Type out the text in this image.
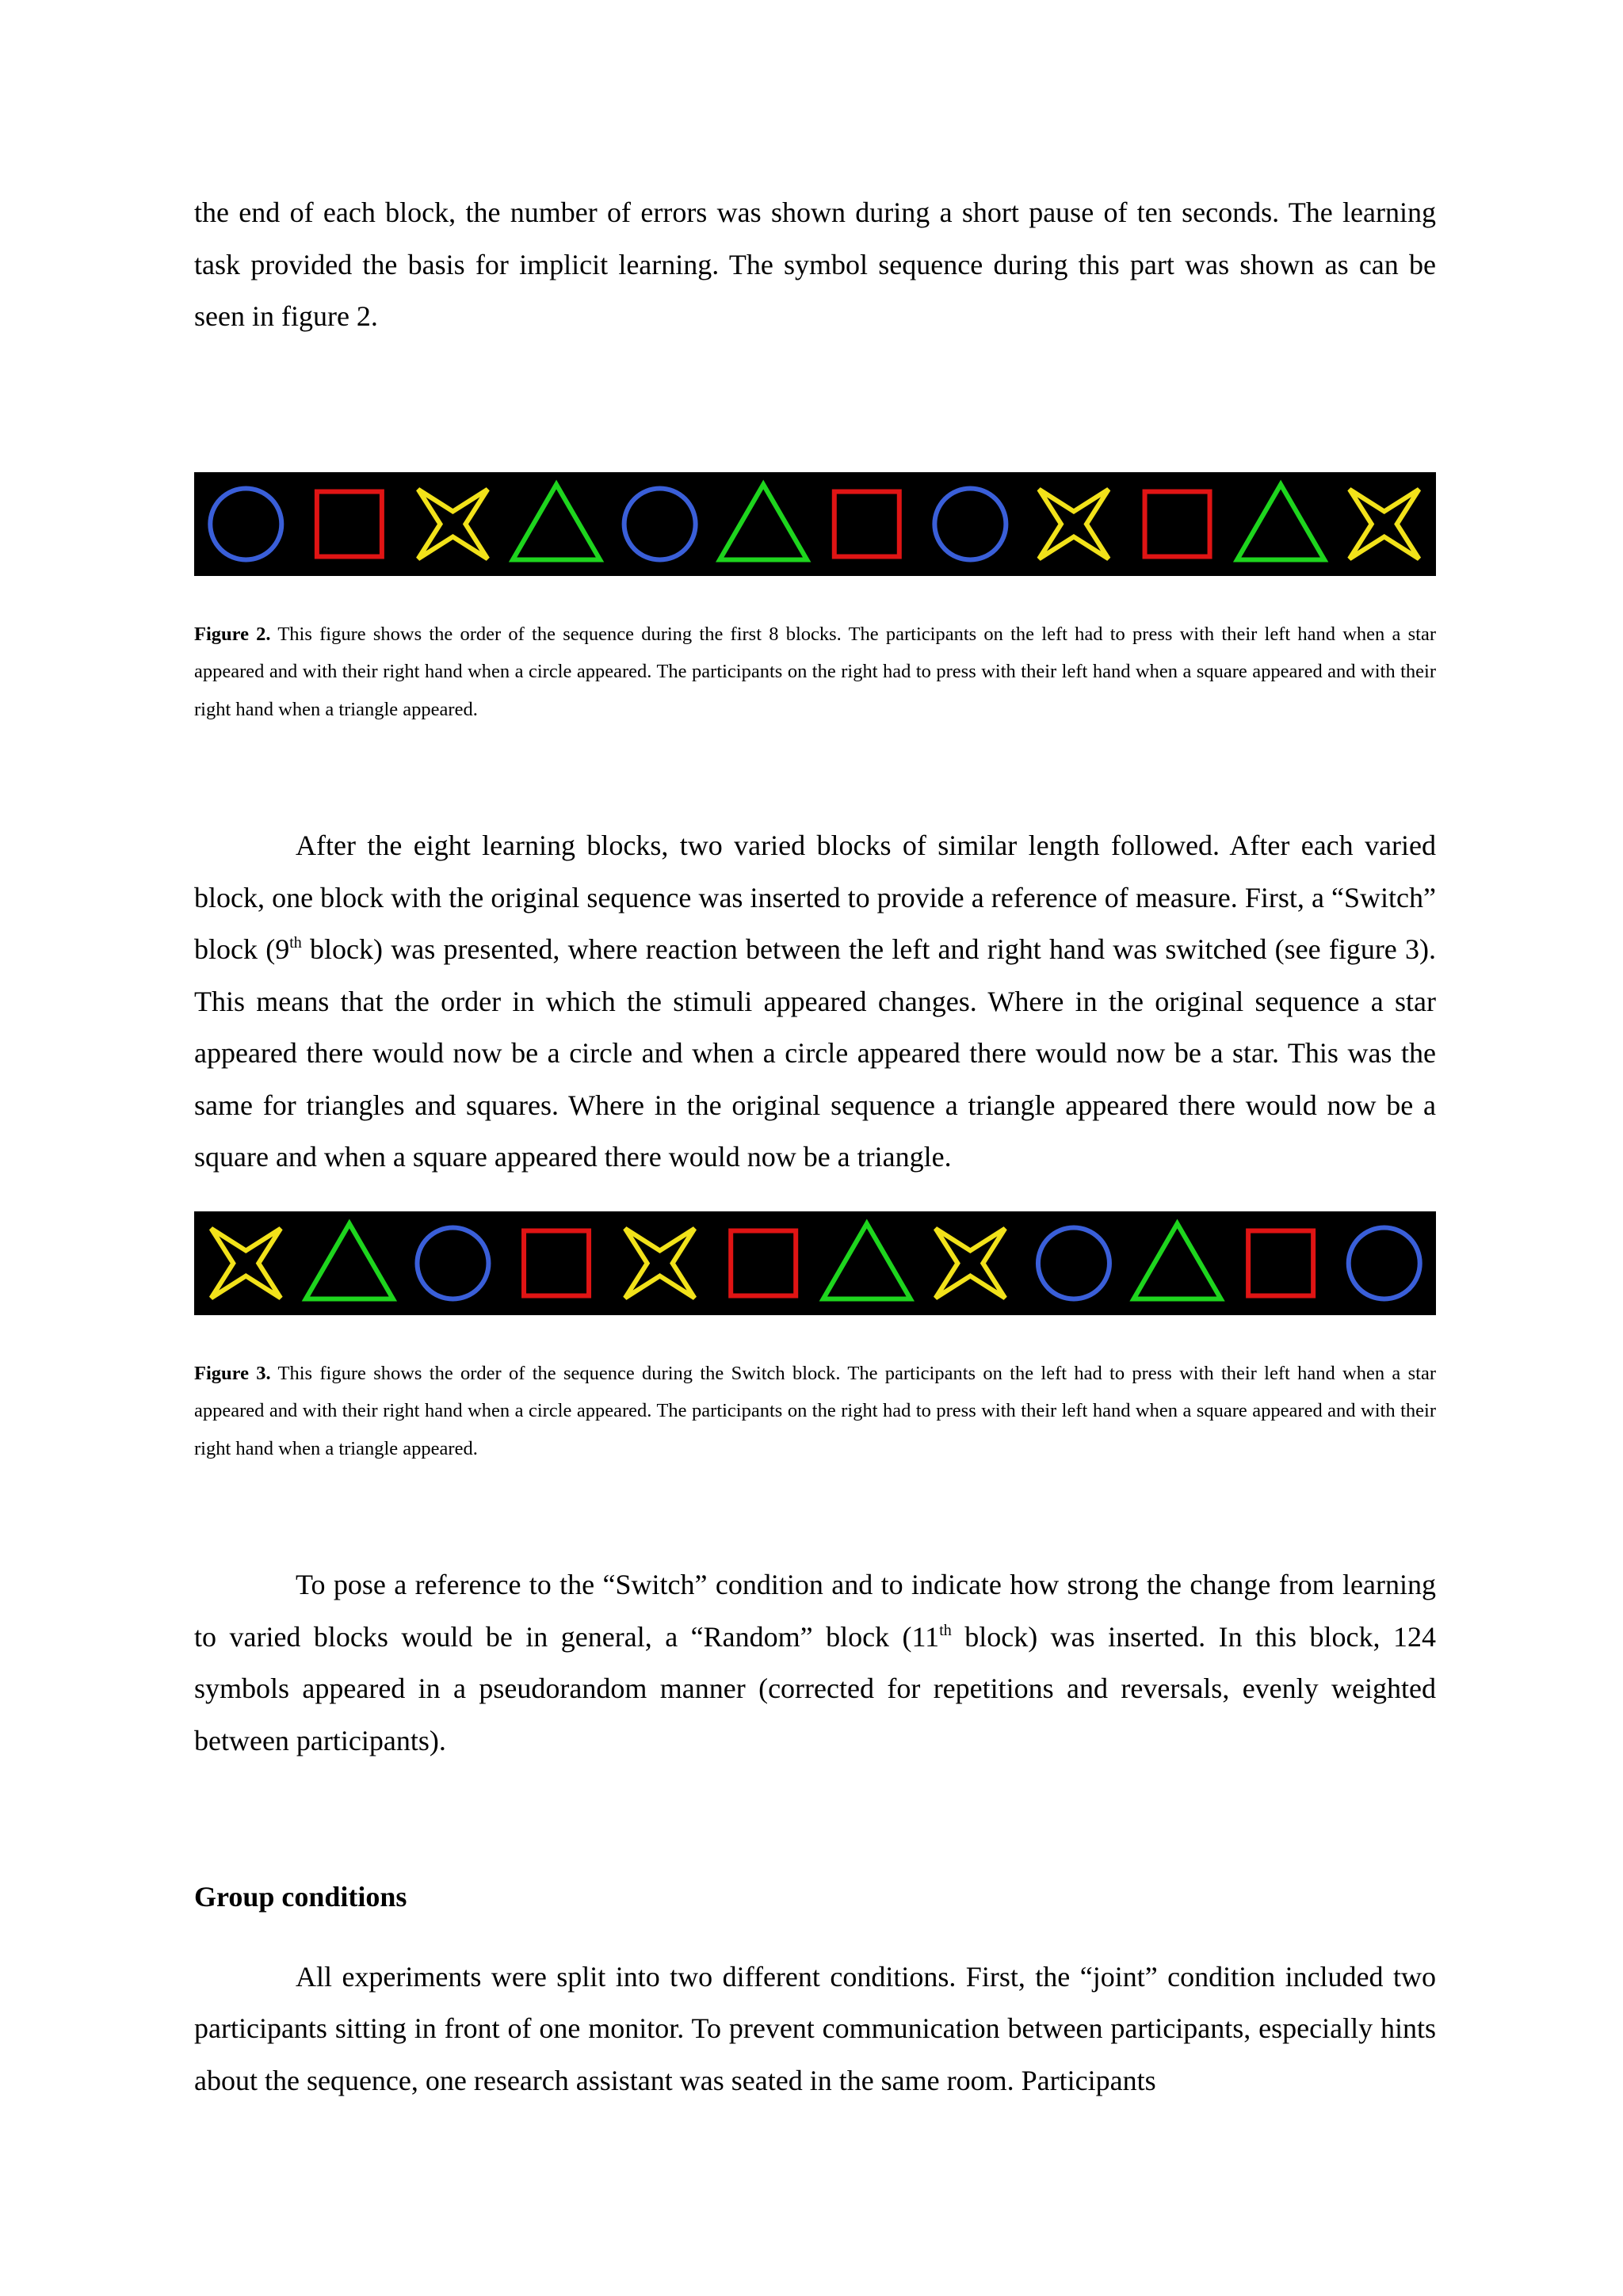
the end of each block, the number of errors was shown during a short pause of ten seconds. The learning task provided the basis for implicit learning. The symbol sequence during this part was shown as can be seen in figure 2.

Figure 2. This figure shows the order of the sequence during the first 8 blocks. The participants on the left had to press with their left hand when a star appeared and with their right hand when a circle appeared. The participants on the right had to press with their left hand when a square appeared and with their right hand when a triangle appeared.

After the eight learning blocks, two varied blocks of similar length followed. After each varied block, one block with the original sequence was inserted to provide a reference of measure. First, a “Switch” block (9th block) was presented, where reaction between the left and right hand was switched (see figure 3). This means that the order in which the stimuli appeared changes. Where in the original sequence a star appeared there would now be a circle and when a circle appeared there would now be a star. This was the same for triangles and squares. Where in the original sequence a triangle appeared there would now be a square and when a square appeared there would now be a triangle.

Figure 3. This figure shows the order of the sequence during the Switch block. The participants on the left had to press with their left hand when a star appeared and with their right hand when a circle appeared. The participants on the right had to press with their left hand when a square appeared and with their right hand when a triangle appeared.

To pose a reference to the “Switch” condition and to indicate how strong the change from learning to varied blocks would be in general, a “Random” block (11th block) was inserted. In this block, 124 symbols appeared in a pseudorandom manner (corrected for repetitions and reversals, evenly weighted between participants).

Group conditions

All experiments were split into two different conditions. First, the “joint” condition included two participants sitting in front of one monitor. To prevent communication between participants, especially hints about the sequence, one research assistant was seated in the same room. Participants
